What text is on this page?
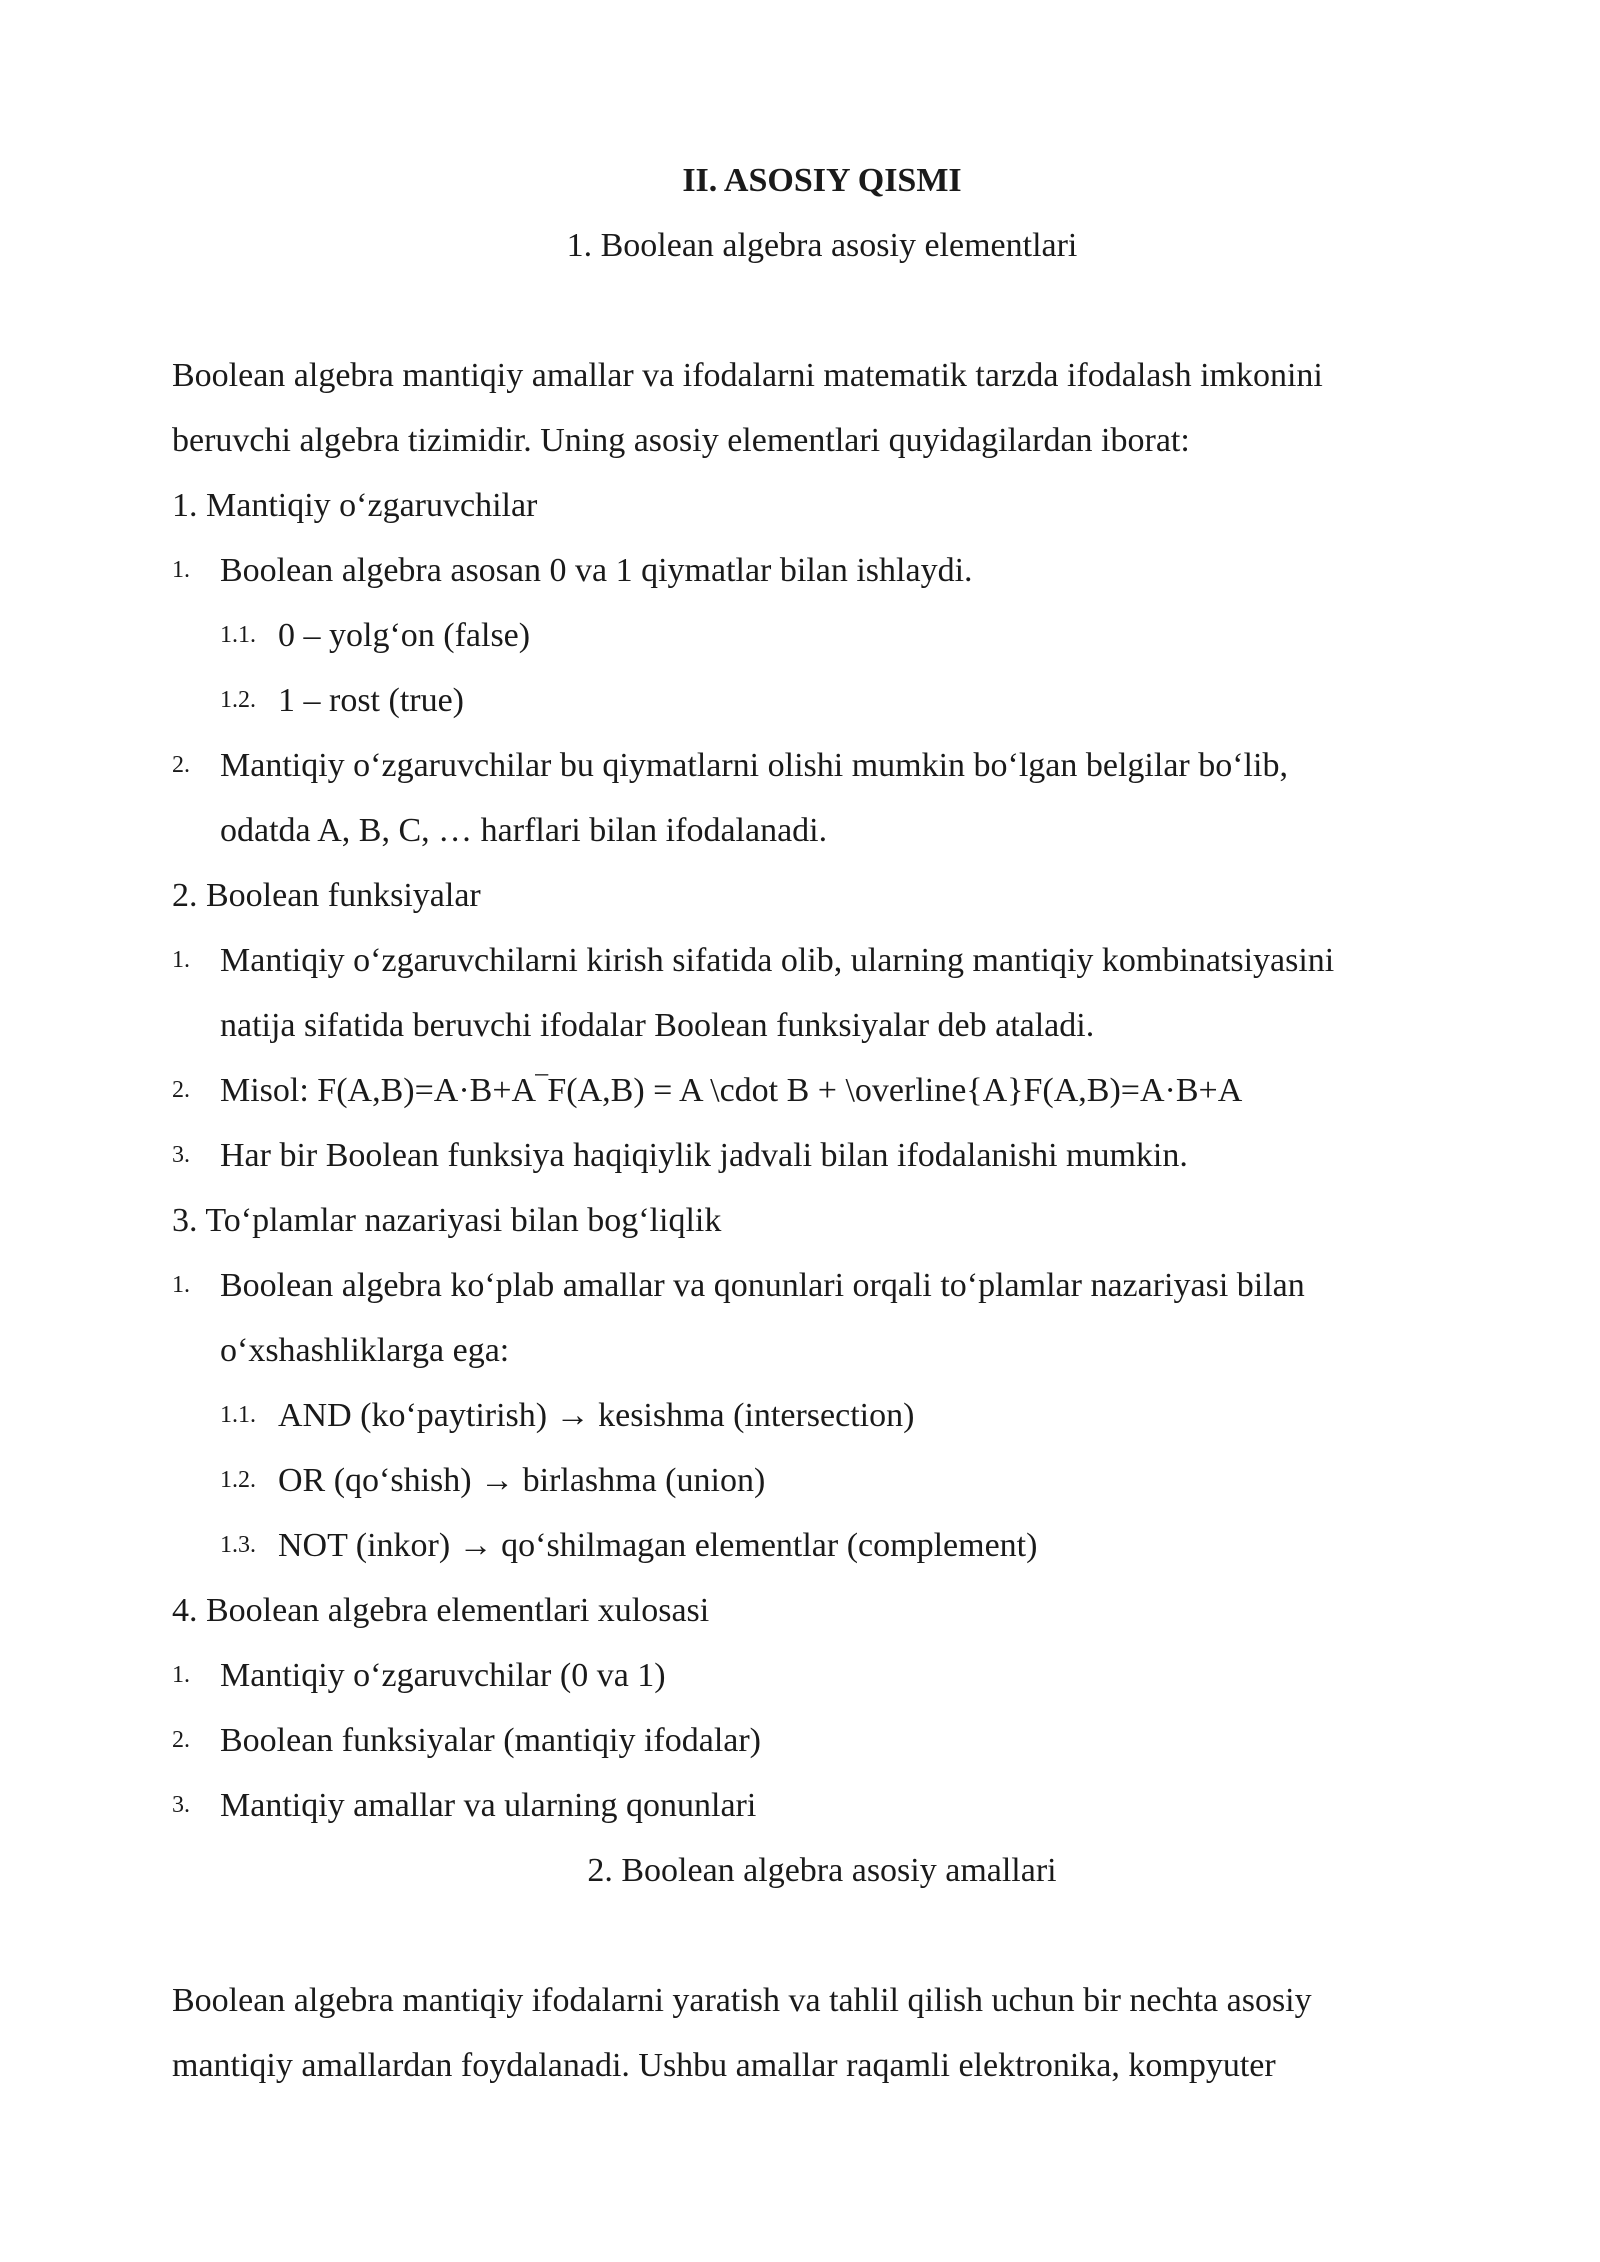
II. ASOSIY QISMI
1. Boolean algebra asosiy elementlari
Boolean algebra mantiqiy amallar va ifodalarni matematik tarzda ifodalash imkonini
beruvchi algebra tizimidir. Uning asosiy elementlari quyidagilardan iborat:
1. Mantiqiy o‘zgaruvchilar
1. Boolean algebra asosan 0 va 1 qiymatlar bilan ishlaydi.
1.1. 0 – yolg‘on (false)
1.2. 1 – rost (true)
2. Mantiqiy o‘zgaruvchilar bu qiymatlarni olishi mumkin bo‘lgan belgilar bo‘lib,
odatda A, B, C, … harflari bilan ifodalanadi.
2. Boolean funksiyalar
1. Mantiqiy o‘zgaruvchilarni kirish sifatida olib, ularning mantiqiy kombinatsiyasini
natija sifatida beruvchi ifodalar Boolean funksiyalar deb ataladi.
2. Misol: F(A,B)=A·B+A‾F(A,B) = A \cdot B + \overline{A}F(A,B)=A·B+A
3. Har bir Boolean funksiya haqiqiylik jadvali bilan ifodalanishi mumkin.
3. To‘plamlar nazariyasi bilan bog‘liqlik
1. Boolean algebra ko‘plab amallar va qonunlari orqali to‘plamlar nazariyasi bilan
o‘xshashliklarga ega:
1.1. AND (ko‘paytirish) → kesishma (intersection)
1.2. OR (qo‘shish) → birlashma (union)
1.3. NOT (inkor) → qo‘shilmagan elementlar (complement)
4. Boolean algebra elementlari xulosasi
1. Mantiqiy o‘zgaruvchilar (0 va 1)
2. Boolean funksiyalar (mantiqiy ifodalar)
3. Mantiqiy amallar va ularning qonunlari
2. Boolean algebra asosiy amallari
Boolean algebra mantiqiy ifodalarni yaratish va tahlil qilish uchun bir nechta asosiy
mantiqiy amallardan foydalanadi. Ushbu amallar raqamli elektronika, kompyuter
